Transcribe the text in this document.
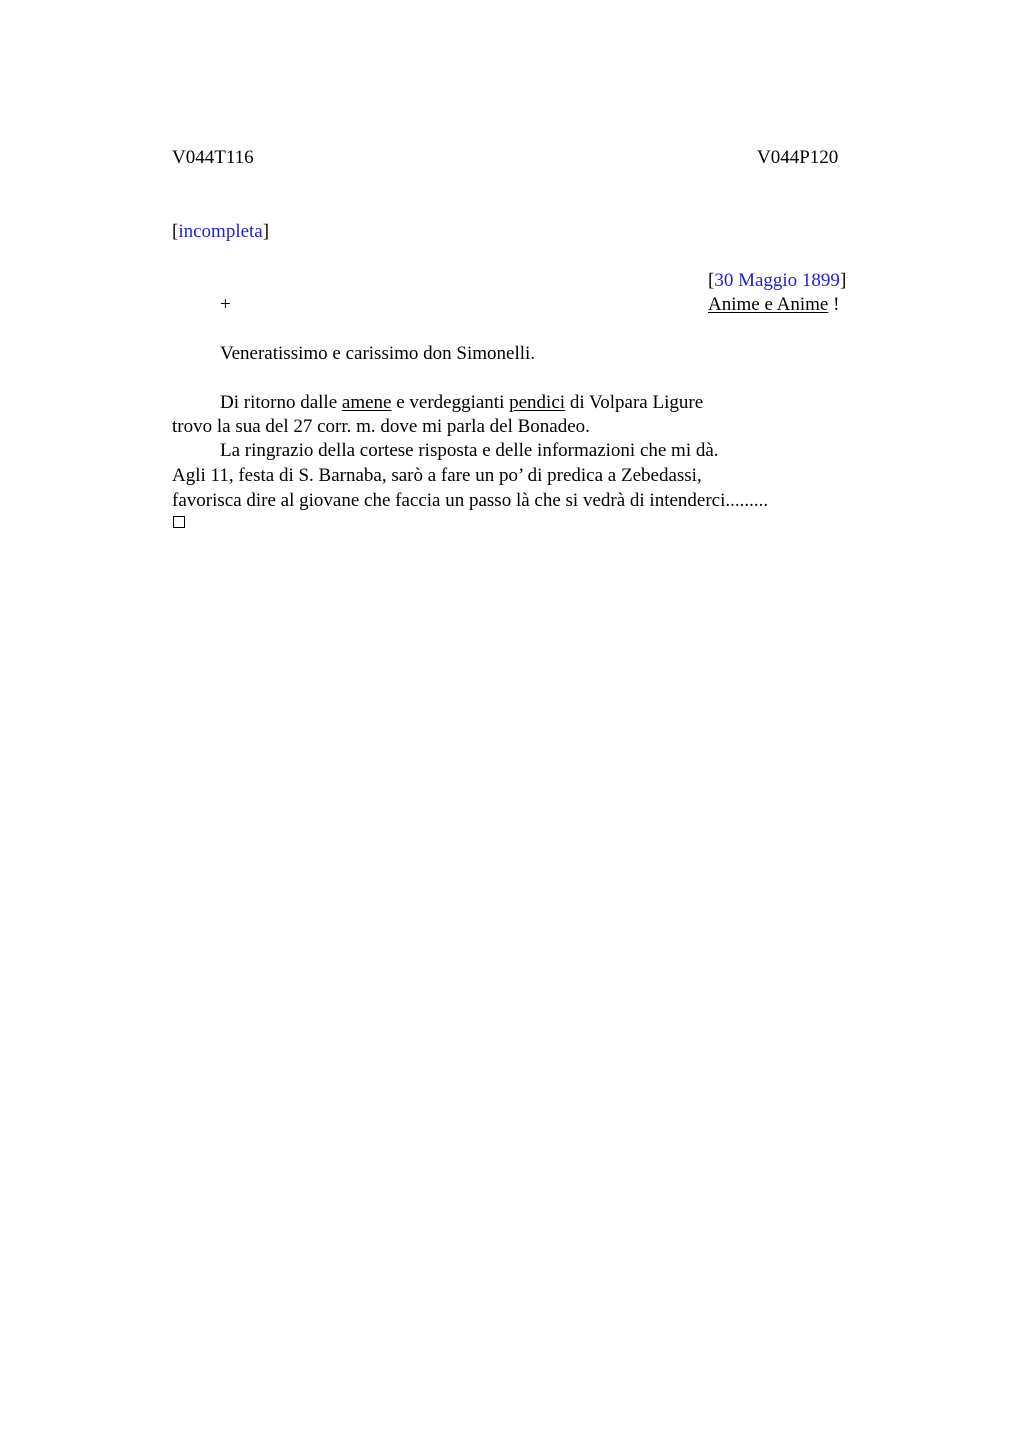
V044T116	V044P120
[incompleta]
[30 Maggio 1899]
+	Anime e Anime !
Veneratissimo e carissimo don Simonelli.
Di ritorno dalle amene e verdeggianti pendici di Volpara Ligure
trovo la sua del 27 corr. m. dove mi parla del Bonadeo.
La ringrazio della cortese risposta e delle informazioni che mi dà.
Agli 11, festa di S. Barnaba, sarò a fare un po’ di predica a Zebedassi,
favorisca dire al giovane che faccia un passo là che si vedrà di intenderci.........
